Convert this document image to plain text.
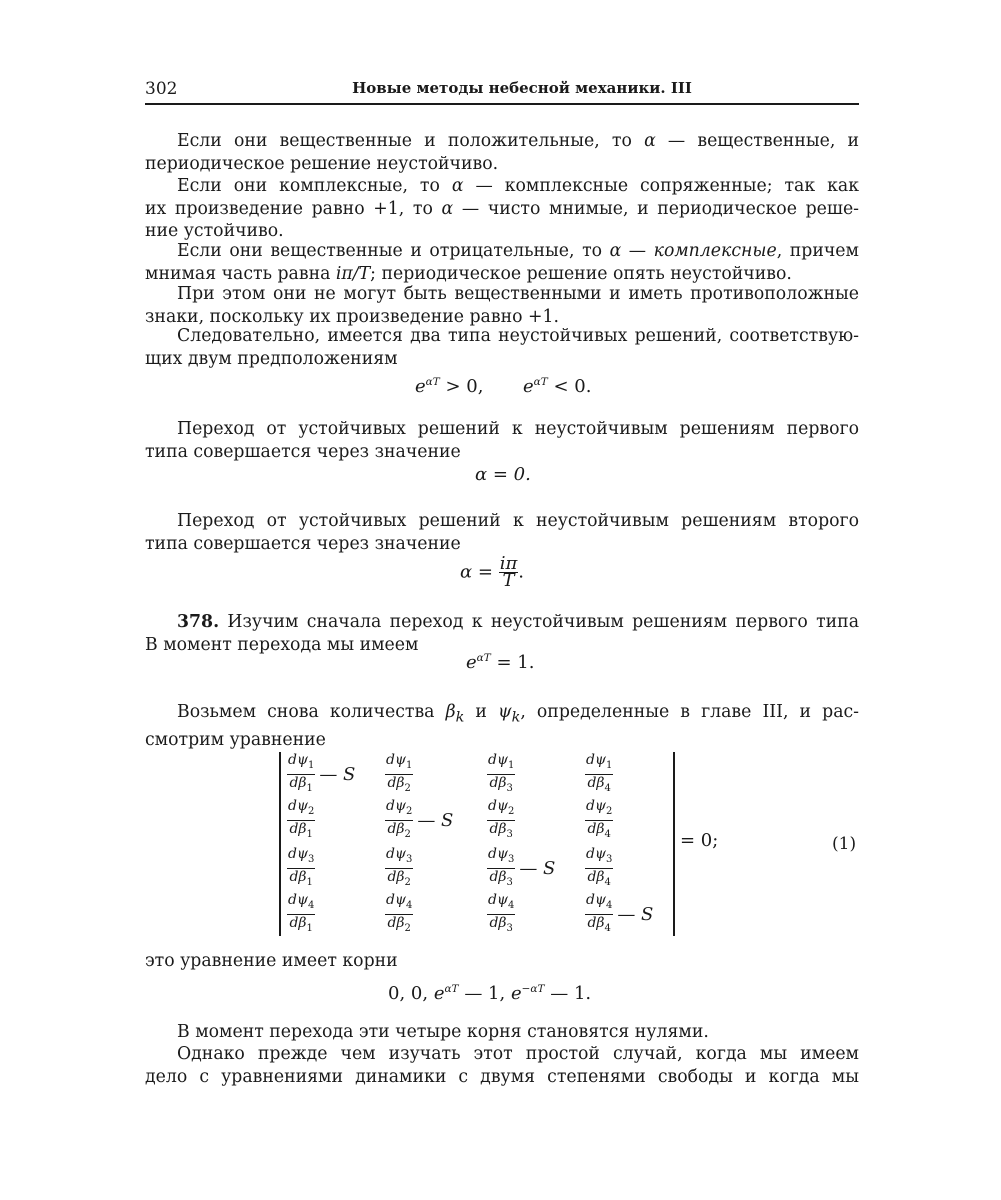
302	Новые методы небесной механики. III
Если они вещественные и положительные, то α — вещественные, и
периодическое решение неустойчиво.
Если они комплексные, то α — комплексные сопряженные; так как
их произведение равно +1, то α — чисто мнимые, и периодическое реше-
ние устойчиво.
Если они вещественные и отрицательные, то α — комплексные, причем
мнимая часть равна iπ/T; периодическое решение опять неустойчиво.
При этом они не могут быть вещественными и иметь противоположные
знаки, поскольку их произведение равно +1.
Следовательно, имеется два типа неустойчивых решений, соответствую-
щих двум предположениям
$e^{\alpha T} > 0$, $e^{\alpha T} < 0$.
Переход от устойчивых решений к неустойчивым решениям первого
типа совершается через значение
α = 0.
Переход от устойчивых решений к неустойчивым решениям второго
типа совершается через значение
$\alpha = \frac{i\pi}{T}$ .
378. Изучим сначала переход к неустойчивым решениям первого типа
В момент перехода мы имеем
$e^{\alpha T} = 1$.
Возьмем снова количества $\beta_k$ и $\psi_k$, определенные в главе III, и рас-
смотрим уравнение
$\frac{d\psi_1}{d\beta_1}$ — S $\frac{d\psi_1}{d\beta_2}$	$\frac{d\psi_1}{d\beta_3}$	$\frac{d\psi_1}{d\beta_4}$
$\frac{d\psi_2}{d\beta_1}$	$\frac{d\psi_2}{d\beta_2}$ — S $\frac{d\psi_2}{d\beta_3}$	$\frac{d\psi_2}{d\beta_4}$
$\frac{d\psi_3}{d\beta_1}$	$\frac{d\psi_3}{d\beta_2}$	$\frac{d\psi_3}{d\beta_3}$ — S $\frac{d\psi_3}{d\beta_4}$
$\frac{d\psi_4}{d\beta_1}$	$\frac{d\psi_4}{d\beta_2}$	$\frac{d\psi_4}{d\beta_3}$	$\frac{d\psi_4}{d\beta_4}$ — S
= 0;	(1)
это уравнение имеет корни
0, 0, $e^{\alpha T}$ — 1, $e^{-\alpha T}$ — 1.
В момент перехода эти четыре корня становятся нулями.
Однако прежде чем изучать этот простой случай, когда мы имеем
дело с уравнениями динамики с двумя степенями свободы и когда мы
